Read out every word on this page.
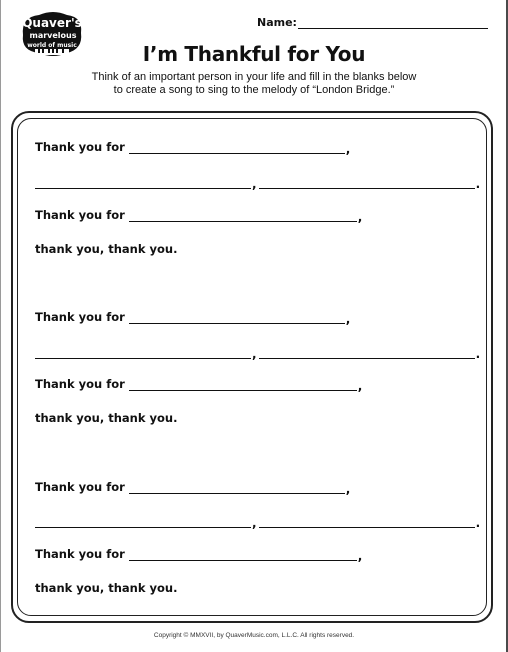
Quaver's
marvelous
world of music
Name:
I’m Thankful for You
Think of an important person in your life and fill in the blanks below
to create a song to sing to the melody of “London Bridge.”
Thank you for	,
,	.
Thank you for	,
thank you, thank you.
Thank you for	,
,	.
Thank you for	,
thank you, thank you.
Thank you for	,
,	.
Thank you for	,
thank you, thank you.
Copyright © MMXVII, by QuaverMusic.com, L.L.C. All rights reserved.
